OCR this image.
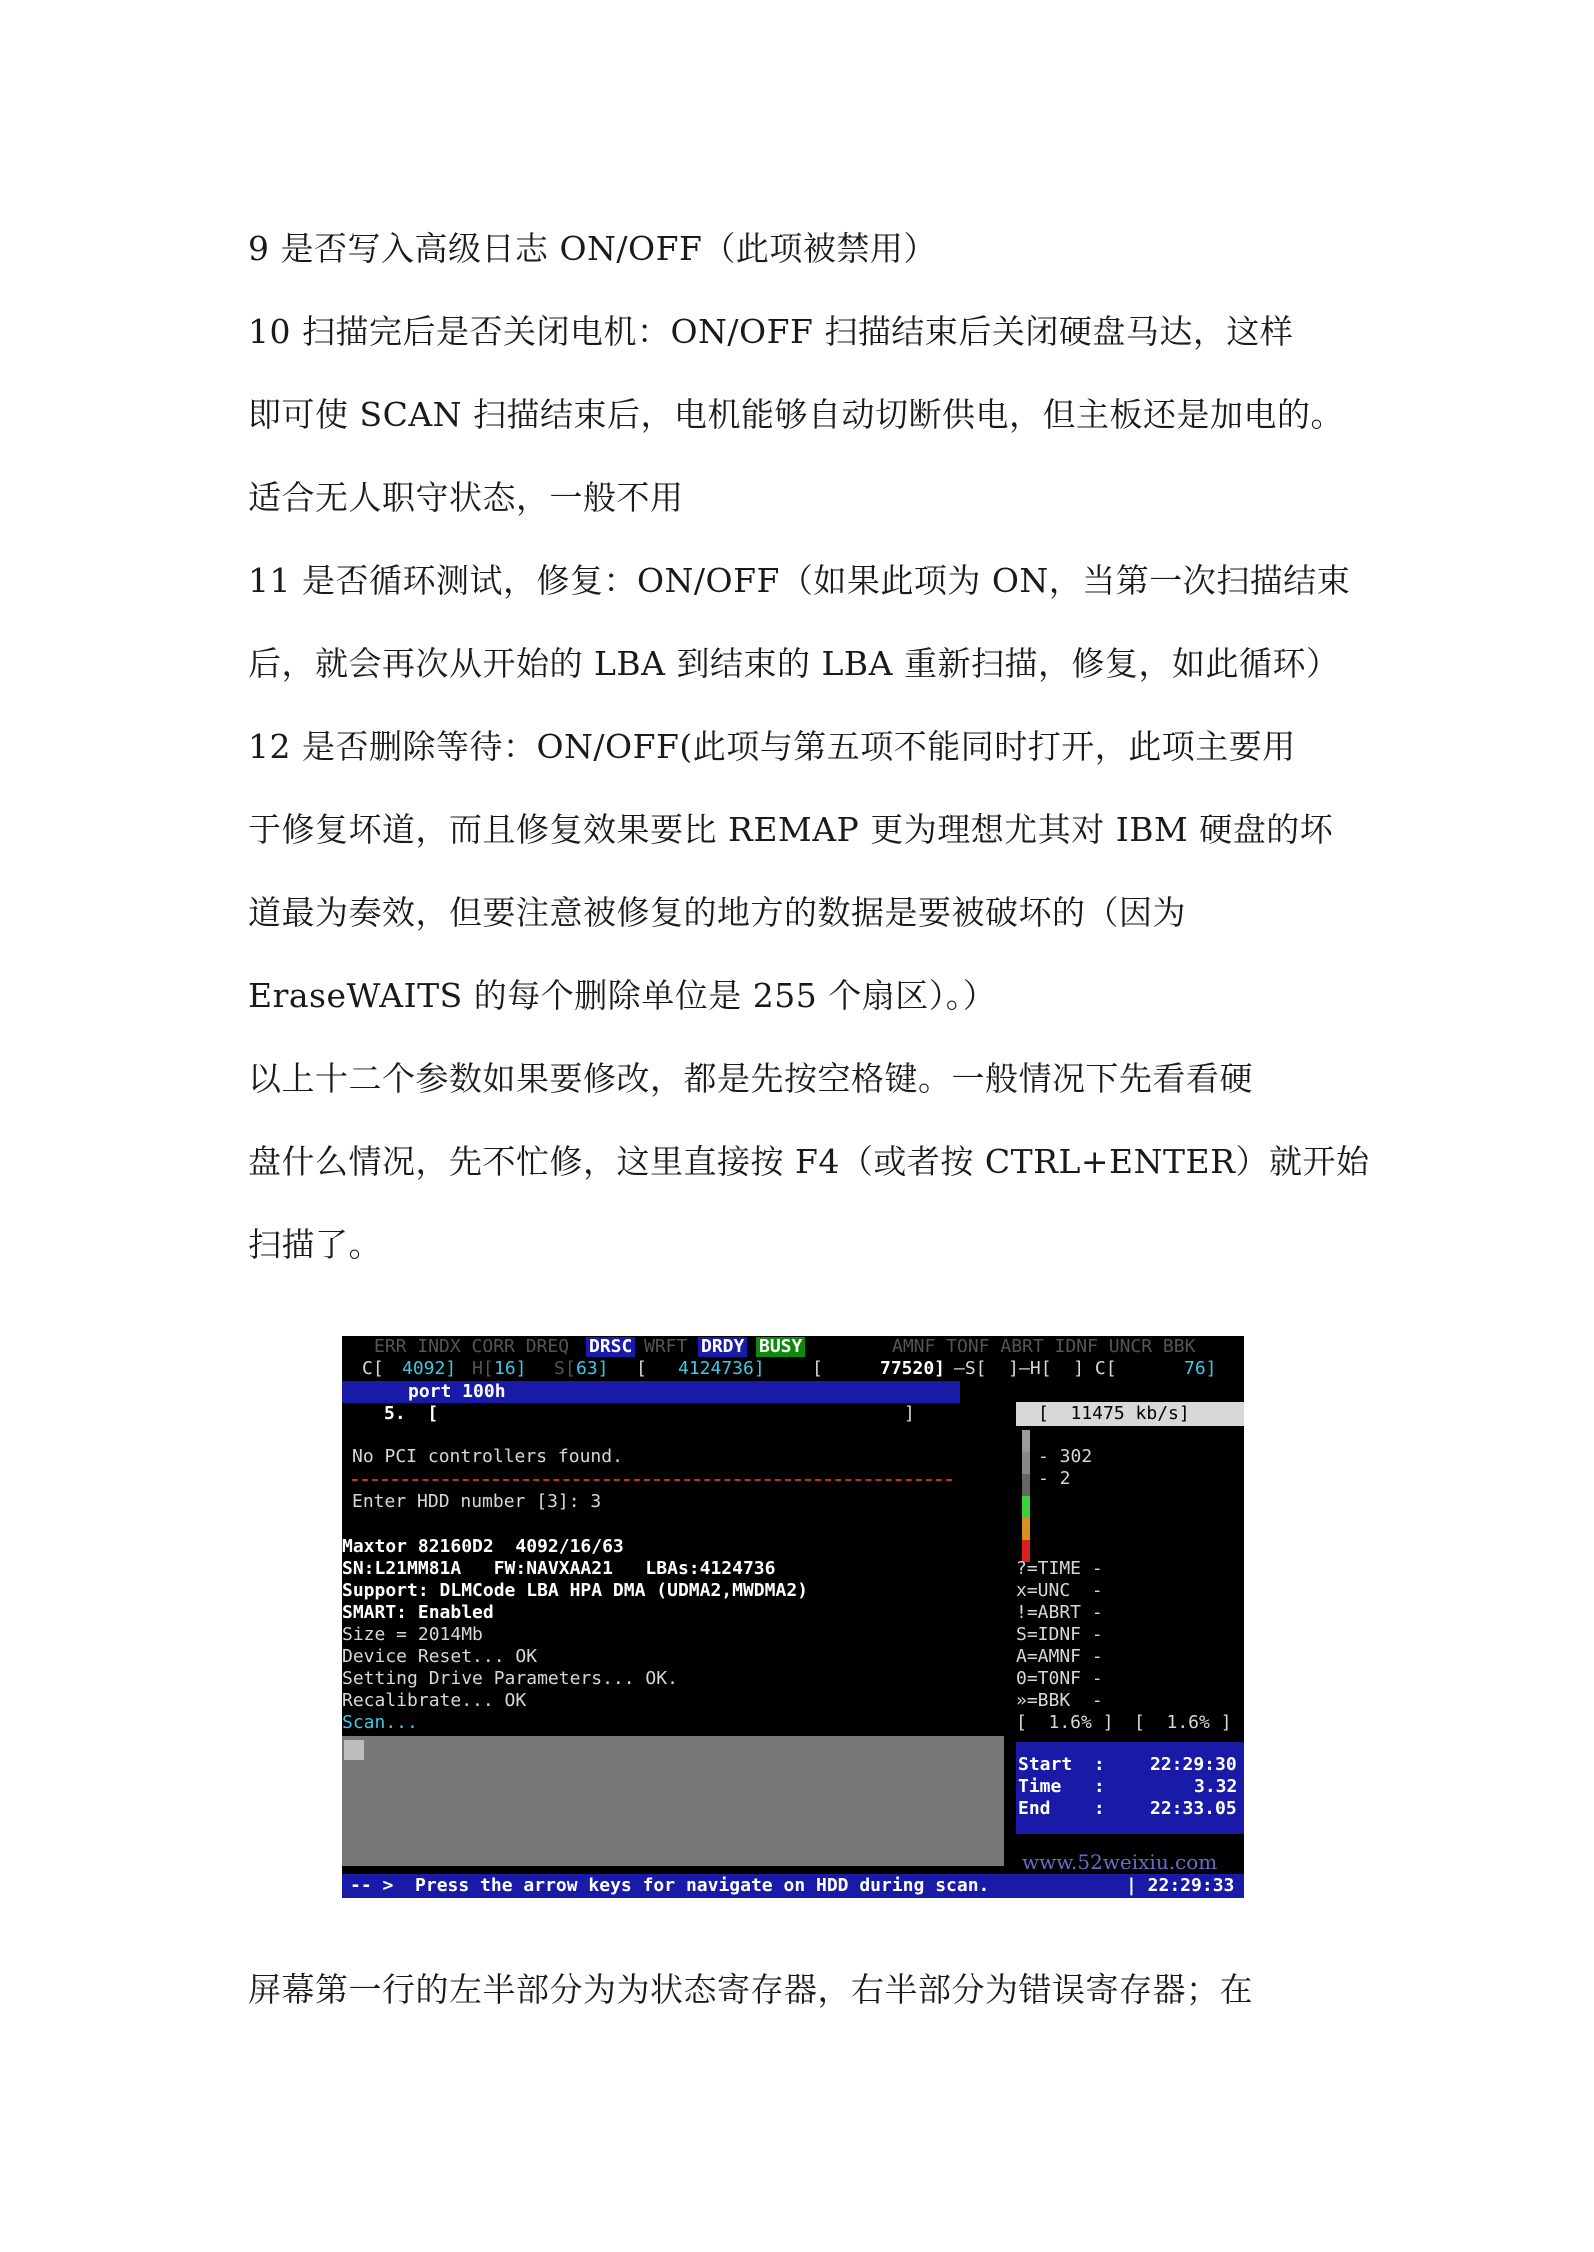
9 是否写入高级日志 ON/OFF（此项被禁用）
10 扫描完后是否关闭电机：ON/OFF 扫描结束后关闭硬盘马达，这样
即可使 SCAN 扫描结束后，电机能够自动切断供电，但主板还是加电的。
适合无人职守状态，一般不用
11 是否循环测试，修复：ON/OFF（如果此项为 ON，当第一次扫描结束
后，就会再次从开始的 LBA 到结束的 LBA 重新扫描，修复，如此循环）
12 是否删除等待：ON/OFF(此项与第五项不能同时打开，此项主要用
于修复坏道，而且修复效果要比 REMAP 更为理想尤其对 IBM 硬盘的坏
道最为奏效，但要注意被修复的地方的数据是要被破坏的（因为
EraseWAITS 的每个删除单位是 255 个扇区）。）
以上十二个参数如果要修改，都是先按空格键。一般情况下先看看硬
盘什么情况，先不忙修，这里直接按 F4（或者按 CTRL+ENTER）就开始
扫描了。
ERR INDX CORR DREQ DRSC WRFT DRDY BUSY	AMNF TONF ABRT IDNF UNCR BBK
C[ 4092] H[ 16] S[ 63] [ 4124736]	[	77520] —S[  ]—H[  ] C[	76]
port 100h
5.  [	]	[  11475 kb/s]
No PCI controllers found.
Enter HDD number [3]: 3
Maxtor 82160D2  4092/16/63
SN:L21MM81A   FW:NAVXAA21   LBAs:4124736
Support: DLMCode LBA HPA DMA (UDMA2,MWDMA2)
SMART: Enabled
Size = 2014Mb
Device Reset... OK
Setting Drive Parameters... OK.
Recalibrate... OK
Scan...
- 302
- 2
?=TIME -
x=UNC  -
!=ABRT -
S=IDNF -
A=AMNF -
0=T0NF -
»=BBK  -
[  1.6% ] [  1.6% ]
Start  :	22:29:30
Time   :	3.32
End    :	22:33.05
www.52weixiu.com
-- >  Press the arrow keys for navigate on HDD during scan.	| 22:29:33
屏幕第一行的左半部分为为状态寄存器，右半部分为错误寄存器；在
